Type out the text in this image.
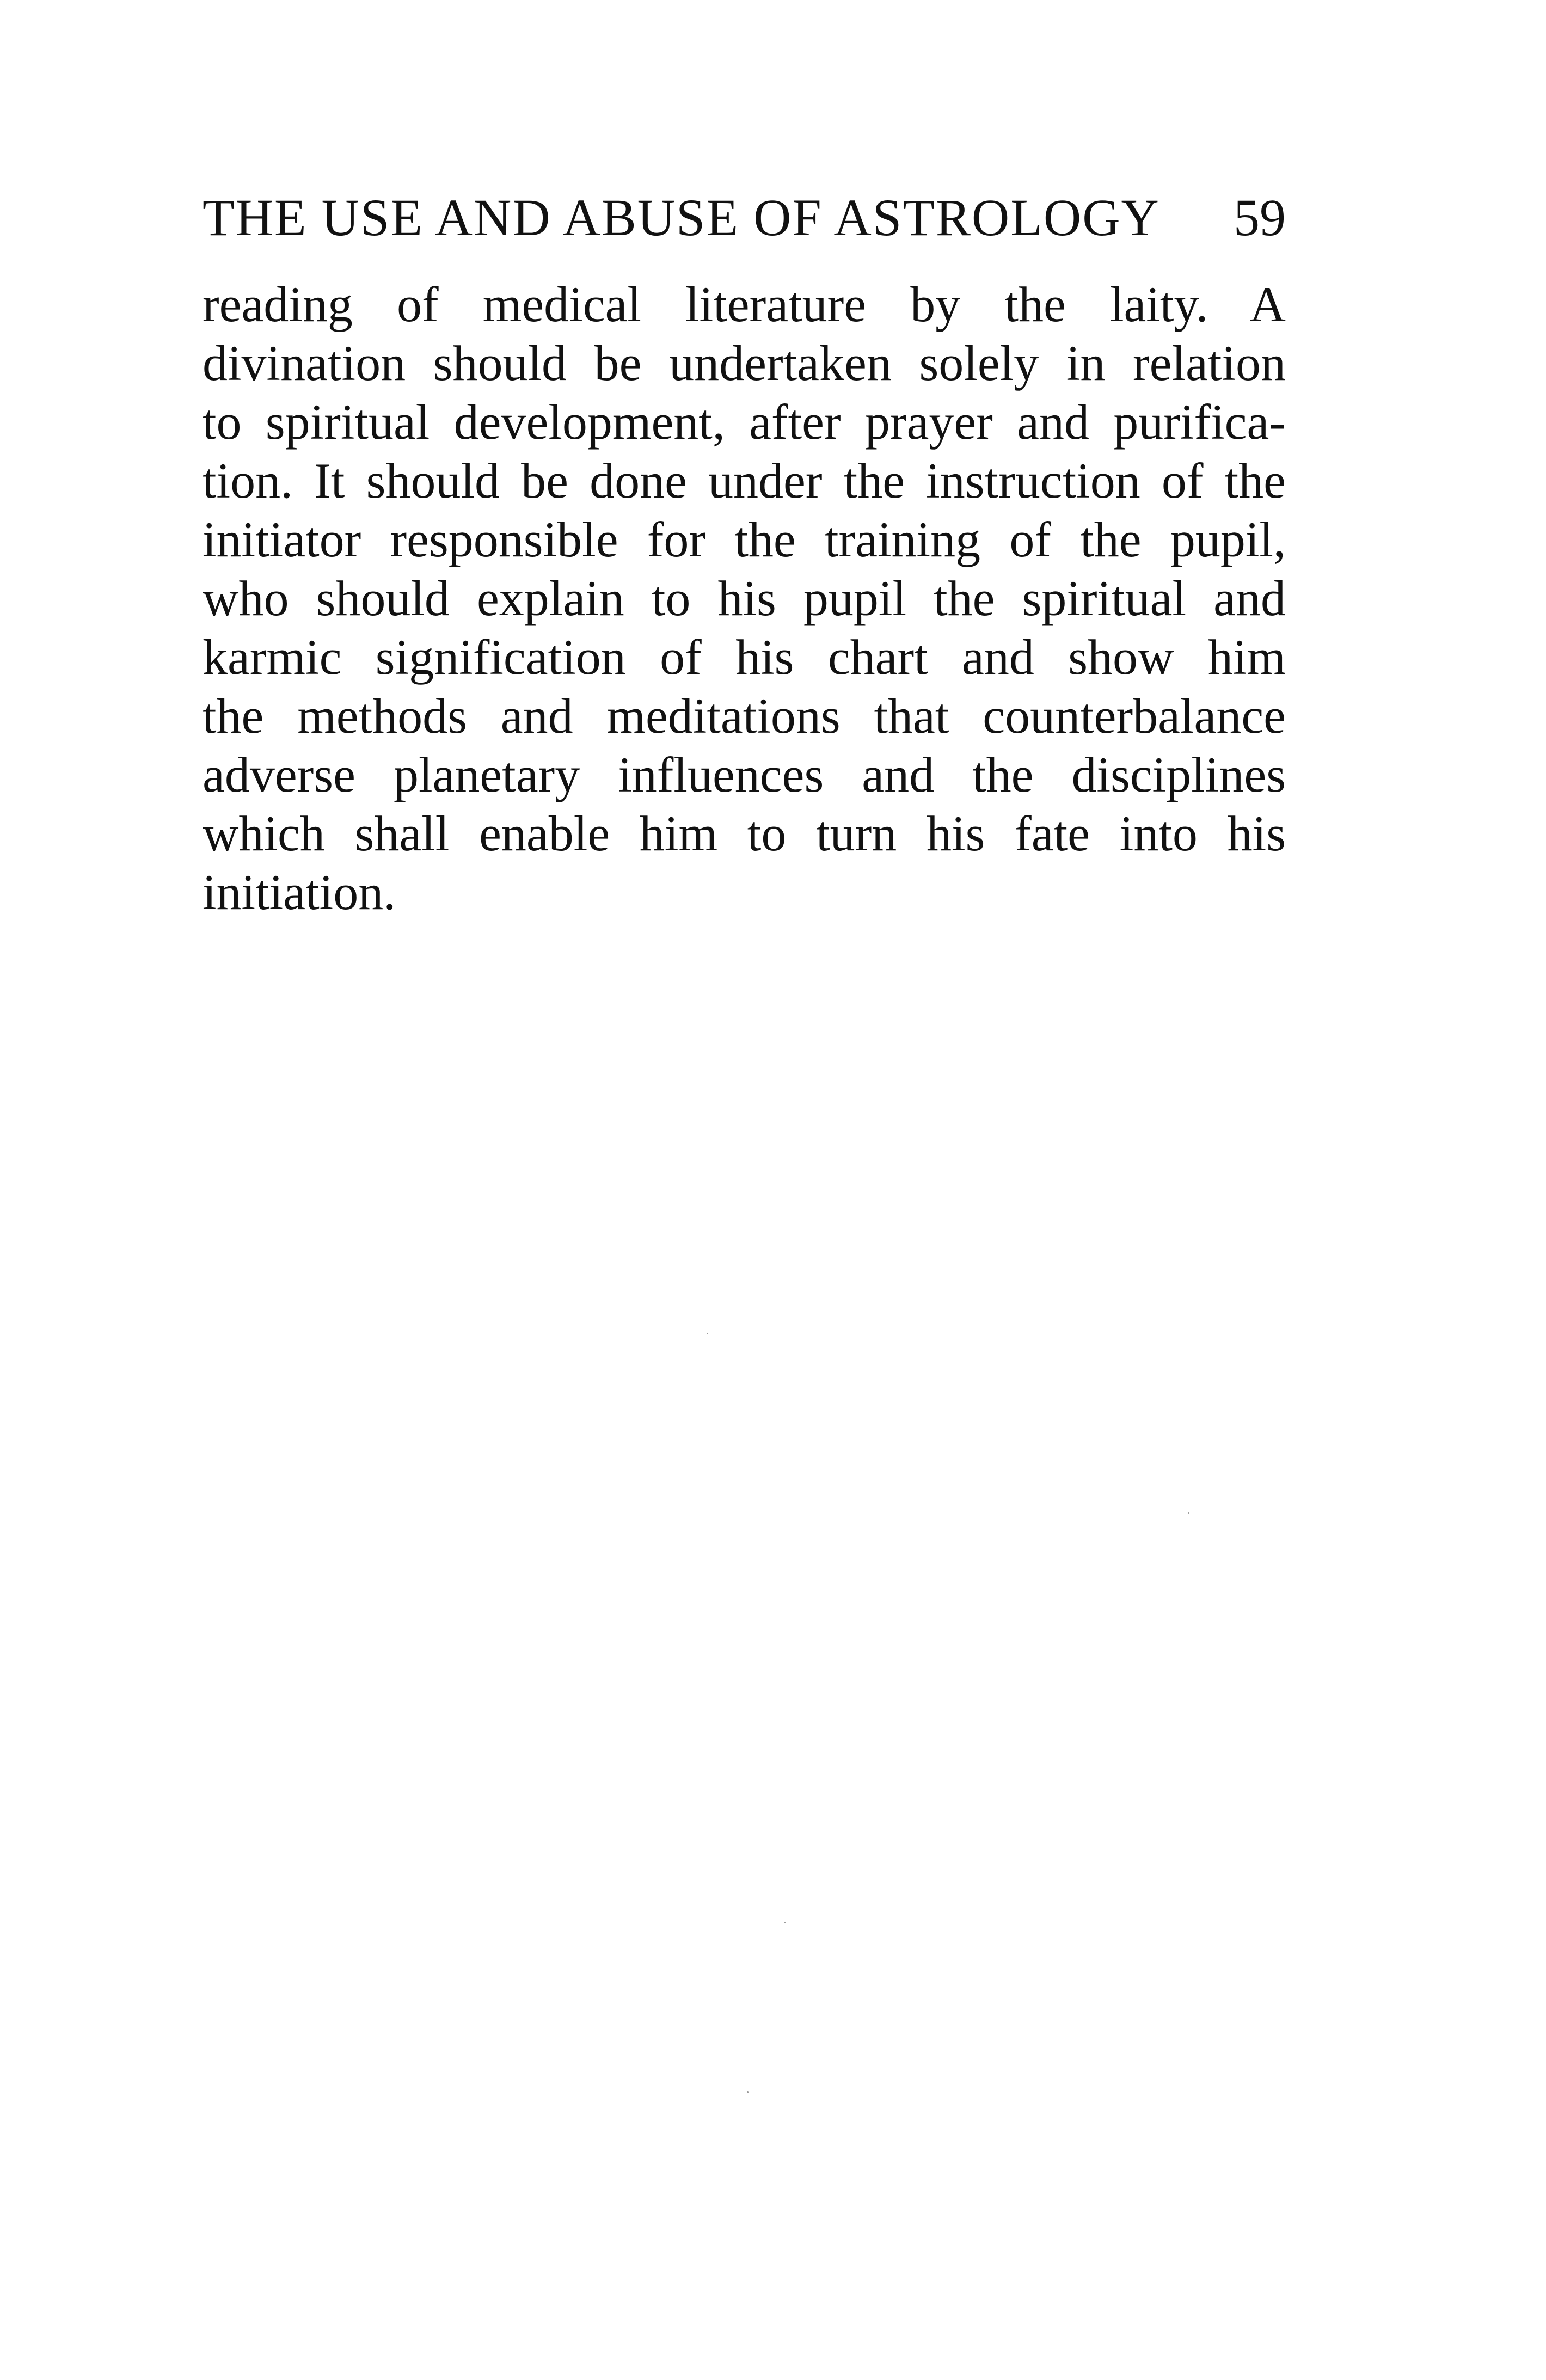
THE USE AND ABUSE OF ASTROLOGY 59
reading of medical literature by the laity. A
divination should be undertaken solely in relation
to spiritual development, after prayer and purifica-
tion. It should be done under the instruction of the
initiator responsible for the training of the pupil,
who should explain to his pupil the spiritual and
karmic signification of his chart and show him
the methods and meditations that counterbalance
adverse planetary influences and the disciplines
which shall enable him to turn his fate into his
initiation.
